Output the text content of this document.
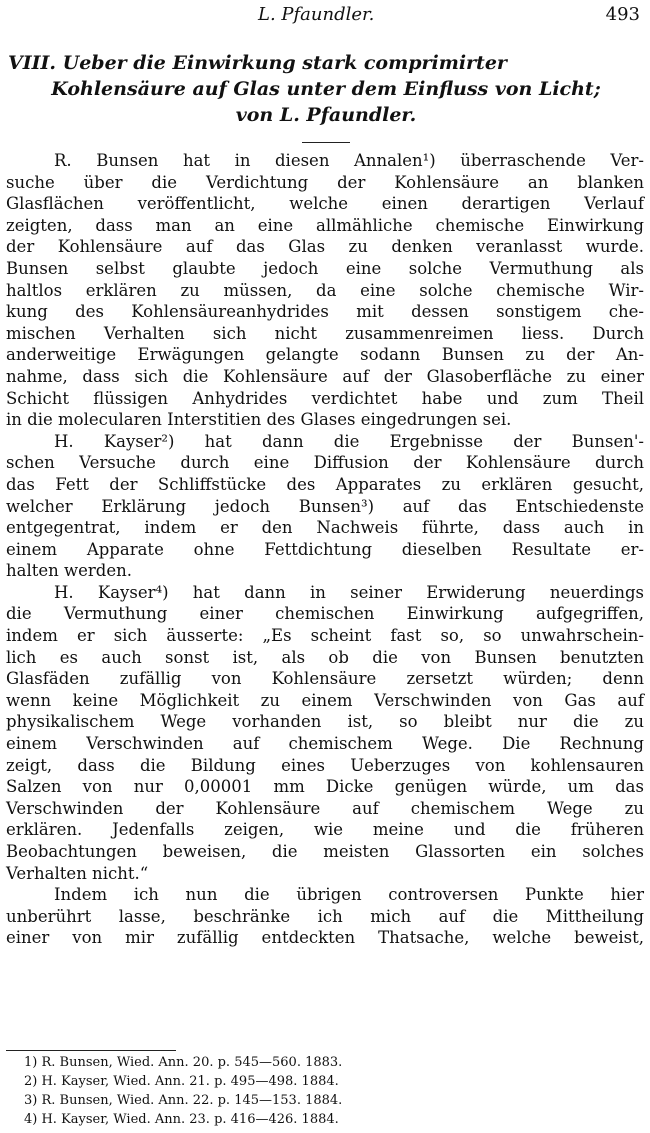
L. Pfaundler.	493
VIII. Ueber die Einwirkung stark comprimirter
Kohlensäure auf Glas unter dem Einfluss von Licht;
von L. Pfaundler.
R. Bunsen hat in diesen Annalen¹) überraschende Ver-
suche über die Verdichtung der Kohlensäure an blanken
Glasflächen veröffentlicht, welche einen derartigen Verlauf
zeigten, dass man an eine allmähliche chemische Einwirkung
der Kohlensäure auf das Glas zu denken veranlasst wurde.
Bunsen selbst glaubte jedoch eine solche Vermuthung als
haltlos erklären zu müssen, da eine solche chemische Wir-
kung des Kohlensäureanhydrides mit dessen sonstigem che-
mischen Verhalten sich nicht zusammenreimen liess. Durch
anderweitige Erwägungen gelangte sodann Bunsen zu der An-
nahme, dass sich die Kohlensäure auf der Glasoberfläche zu einer
Schicht flüssigen Anhydrides verdichtet habe und zum Theil
in die molecularen Interstitien des Glases eingedrungen sei.
H. Kayser²) hat dann die Ergebnisse der Bunsen'-
schen Versuche durch eine Diffusion der Kohlensäure durch
das Fett der Schliffstücke des Apparates zu erklären gesucht,
welcher Erklärung jedoch Bunsen³) auf das Entschiedenste
entgegentrat, indem er den Nachweis führte, dass auch in
einem Apparate ohne Fettdichtung dieselben Resultate er-
halten werden.
H. Kayser⁴) hat dann in seiner Erwiderung neuerdings
die Vermuthung einer chemischen Einwirkung aufgegriffen,
indem er sich äusserte: „Es scheint fast so, so unwahrschein-
lich es auch sonst ist, als ob die von Bunsen benutzten
Glasfäden zufällig von Kohlensäure zersetzt würden; denn
wenn keine Möglichkeit zu einem Verschwinden von Gas auf
physikalischem Wege vorhanden ist, so bleibt nur die zu
einem Verschwinden auf chemischem Wege. Die Rechnung
zeigt, dass die Bildung eines Ueberzuges von kohlensauren
Salzen von nur 0,00001 mm Dicke genügen würde, um das
Verschwinden der Kohlensäure auf chemischem Wege zu
erklären. Jedenfalls zeigen, wie meine und die früheren
Beobachtungen beweisen, die meisten Glassorten ein solches
Verhalten nicht.“
Indem ich nun die übrigen controversen Punkte hier
unberührt lasse, beschränke ich mich auf die Mittheilung
einer von mir zufällig entdeckten Thatsache, welche beweist,
1) R. Bunsen, Wied. Ann. 20. p. 545—560. 1883.
2) H. Kayser, Wied. Ann. 21. p. 495—498. 1884.
3) R. Bunsen, Wied. Ann. 22. p. 145—153. 1884.
4) H. Kayser, Wied. Ann. 23. p. 416—426. 1884.
